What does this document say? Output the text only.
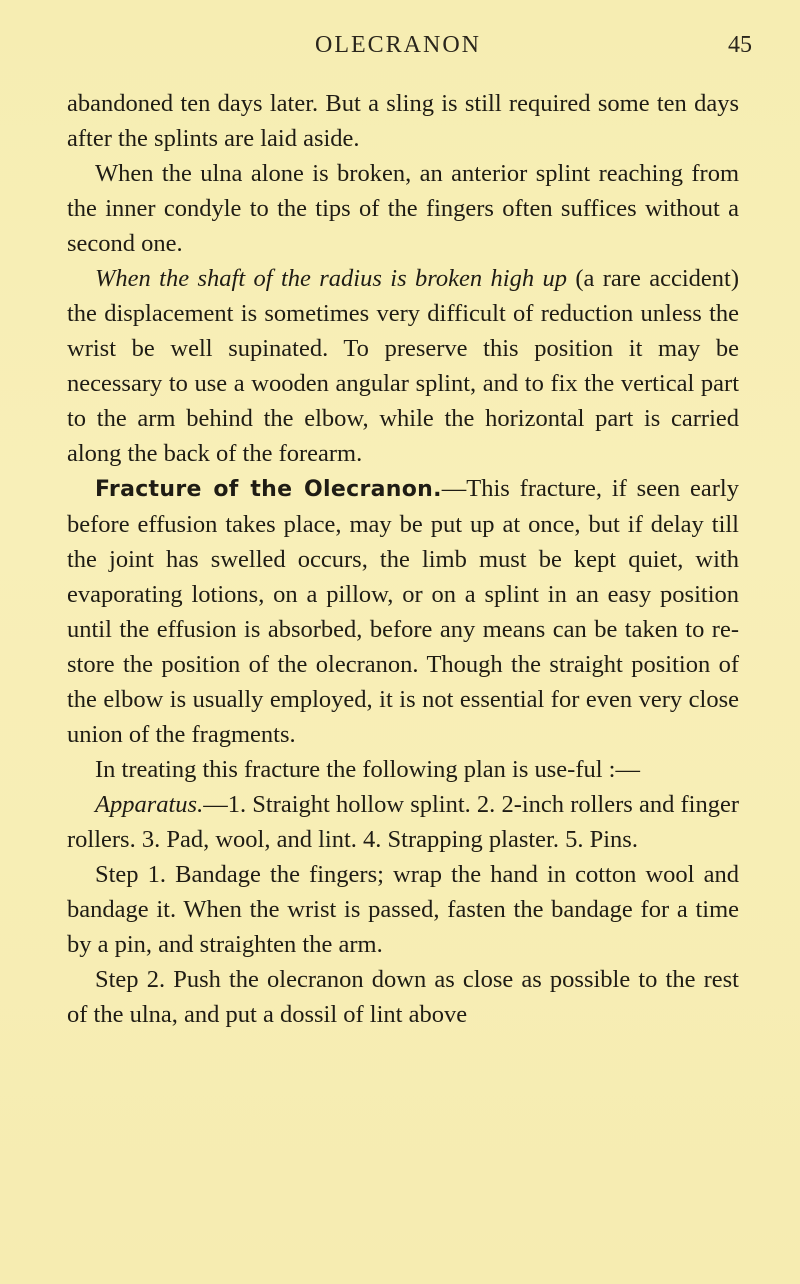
OLECRANON	45

abandoned ten days later. But a sling is still required some ten days after the splints are laid aside.

When the ulna alone is broken, an anterior splint reaching from the inner condyle to the tips of the fingers often suffices without a second one.

When the shaft of the radius is broken high up (a rare accident) the displacement is sometimes very difficult of reduction unless the wrist be well supinated. To preserve this position it may be necessary to use a wooden angular splint, and to fix the vertical part to the arm behind the elbow, while the horizontal part is carried along the back of the forearm.

Fracture of the Olecranon.—This fracture, if seen early before effusion takes place, may be put up at once, but if delay till the joint has swelled occurs, the limb must be kept quiet, with evaporating lotions, on a pillow, or on a splint in an easy position until the effusion is absorbed, before any means can be taken to re-store the position of the olecranon. Though the straight position of the elbow is usually employed, it is not essential for even very close union of the fragments.

In treating this fracture the following plan is use-ful :—

Apparatus.—1. Straight hollow splint. 2. 2-inch rollers and finger rollers. 3. Pad, wool, and lint. 4. Strapping plaster. 5. Pins.

Step 1. Bandage the fingers; wrap the hand in cotton wool and bandage it. When the wrist is passed, fasten the bandage for a time by a pin, and straighten the arm.

Step 2. Push the olecranon down as close as possible to the rest of the ulna, and put a dossil of lint above
